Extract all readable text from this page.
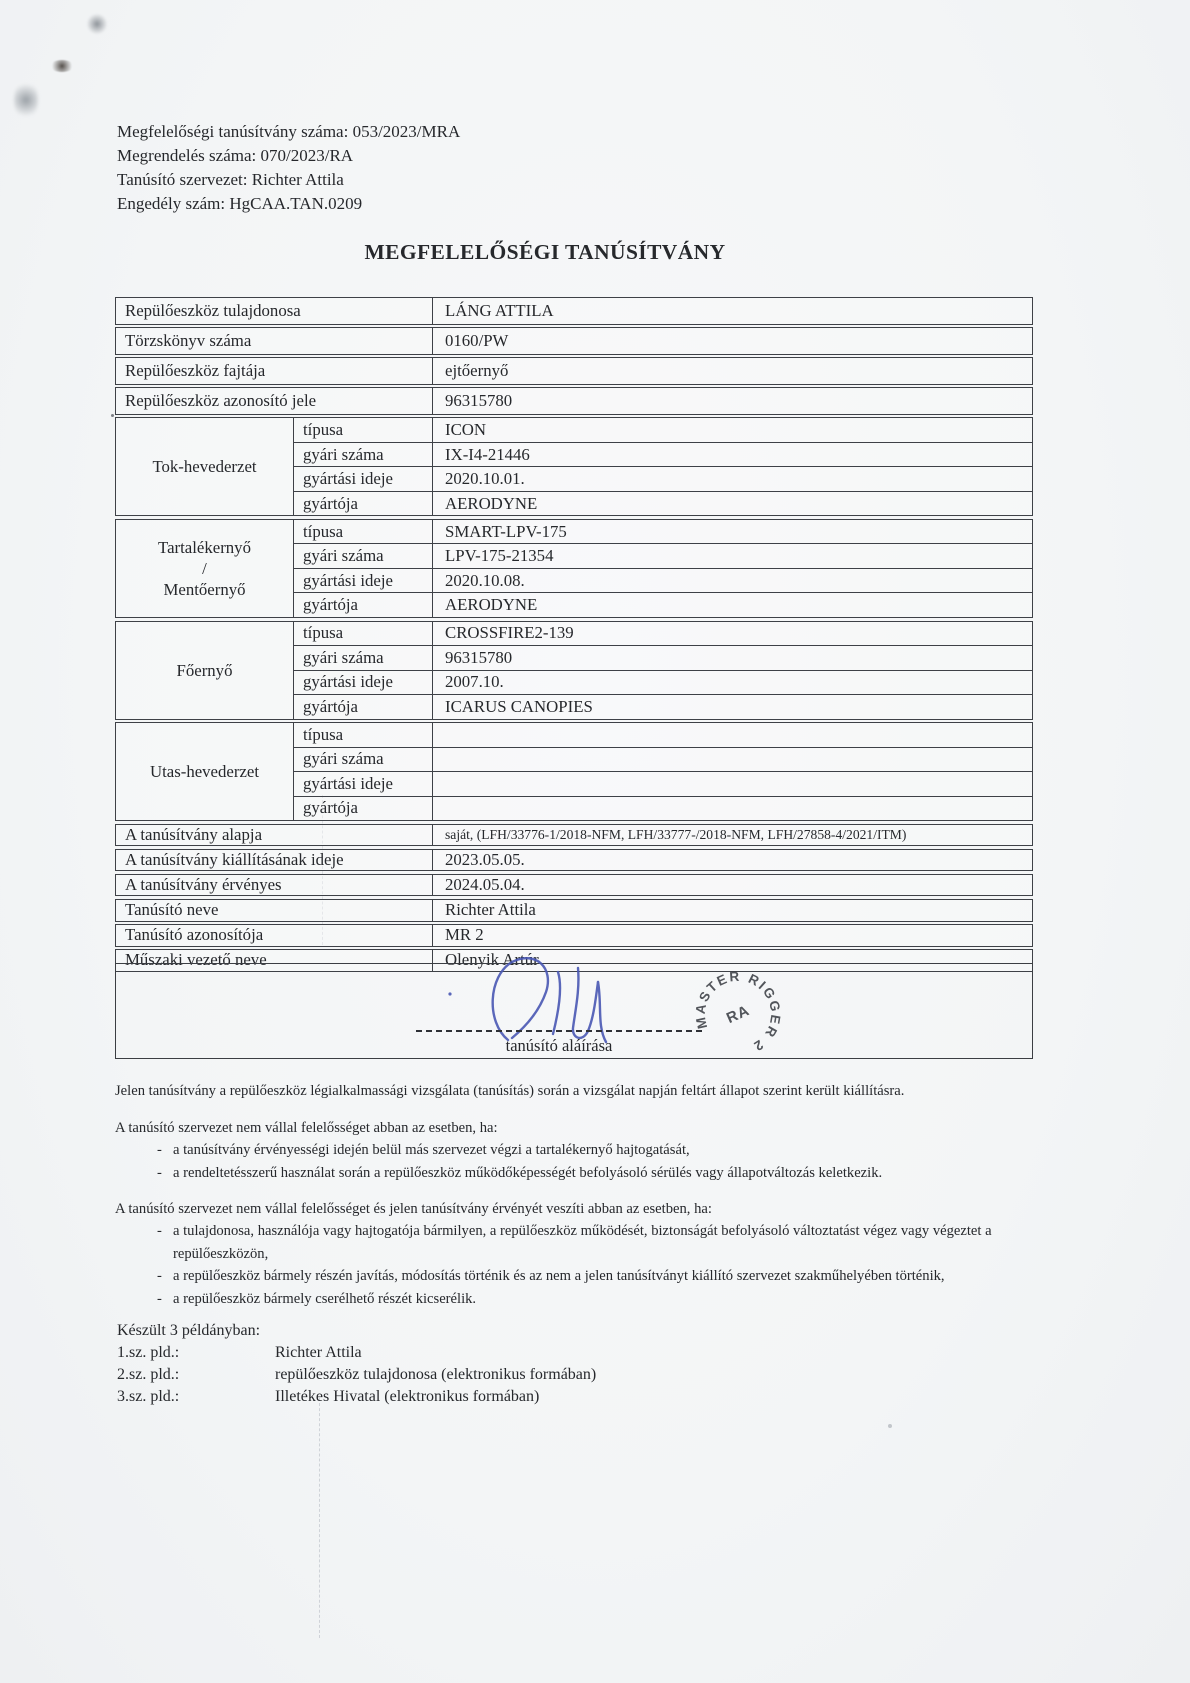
Megfelelőségi tanúsítvány száma: 053/2023/MRA
Megrendelés száma: 070/2023/RA
Tanúsító szervezet: Richter Attila
Engedély szám: HgCAA.TAN.0209
MEGFELELŐSÉGI TANÚSÍTVÁNY
Repülőeszköz tulajdonosa	LÁNG ATTILA
Törzskönyv száma	0160/PW
Repülőeszköz fajtája	ejtőernyő
Repülőeszköz azonosító jele	96315780
Tok-hevederzet
típusa	ICON
gyári száma	IX-I4-21446
gyártási ideje	2020.10.01.
gyártója	AERODYNE
Tartalékernyő
/
Mentőernyő
típusa	SMART-LPV-175
gyári száma	LPV-175-21354
gyártási ideje	2020.10.08.
gyártója	AERODYNE
Főernyő
típusa	CROSSFIRE2-139
gyári száma	96315780
gyártási ideje	2007.10.
gyártója	ICARUS CANOPIES
Utas-hevederzet
típusa
gyári száma
gyártási ideje
gyártója
A tanúsítvány alapja	saját, (LFH/33776-1/2018-NFM, LFH/33777-/2018-NFM, LFH/27858-4/2021/ITM)
A tanúsítvány kiállításának ideje	2023.05.05.
A tanúsítvány érvényes	2024.05.04.
Tanúsító neve	Richter Attila
Tanúsító azonosítója	MR 2
Műszaki vezető neve	Olenyik Artúr
tanúsító aláírása
MASTER RIGGER 2
RA
Jelen tanúsítvány a repülőeszköz légialkalmassági vizsgálata (tanúsítás) során a vizsgálat napján feltárt állapot szerint került kiállításra.
A tanúsító szervezet nem vállal felelősséget abban az esetben, ha:
- a tanúsítvány érvényességi idején belül más szervezet végzi a tartalékernyő hajtogatását,
- a rendeltetésszerű használat során a repülőeszköz működőképességét befolyásoló sérülés vagy állapotváltozás keletkezik.
A tanúsító szervezet nem vállal felelősséget és jelen tanúsítvány érvényét veszíti abban az esetben, ha:
- a tulajdonosa, használója vagy hajtogatója bármilyen, a repülőeszköz működését, biztonságát befolyásoló változtatást végez vagy végeztet a repülőeszközön,
- a repülőeszköz bármely részén javítás, módosítás történik és az nem a jelen tanúsítványt kiállító szervezet szakműhelyében történik,
- a repülőeszköz bármely cserélhető részét kicserélik.
Készült 3 példányban:
1.sz. pld.:	Richter Attila
2.sz. pld.:	repülőeszköz tulajdonosa (elektronikus formában)
3.sz. pld.:	Illetékes Hivatal (elektronikus formában)
